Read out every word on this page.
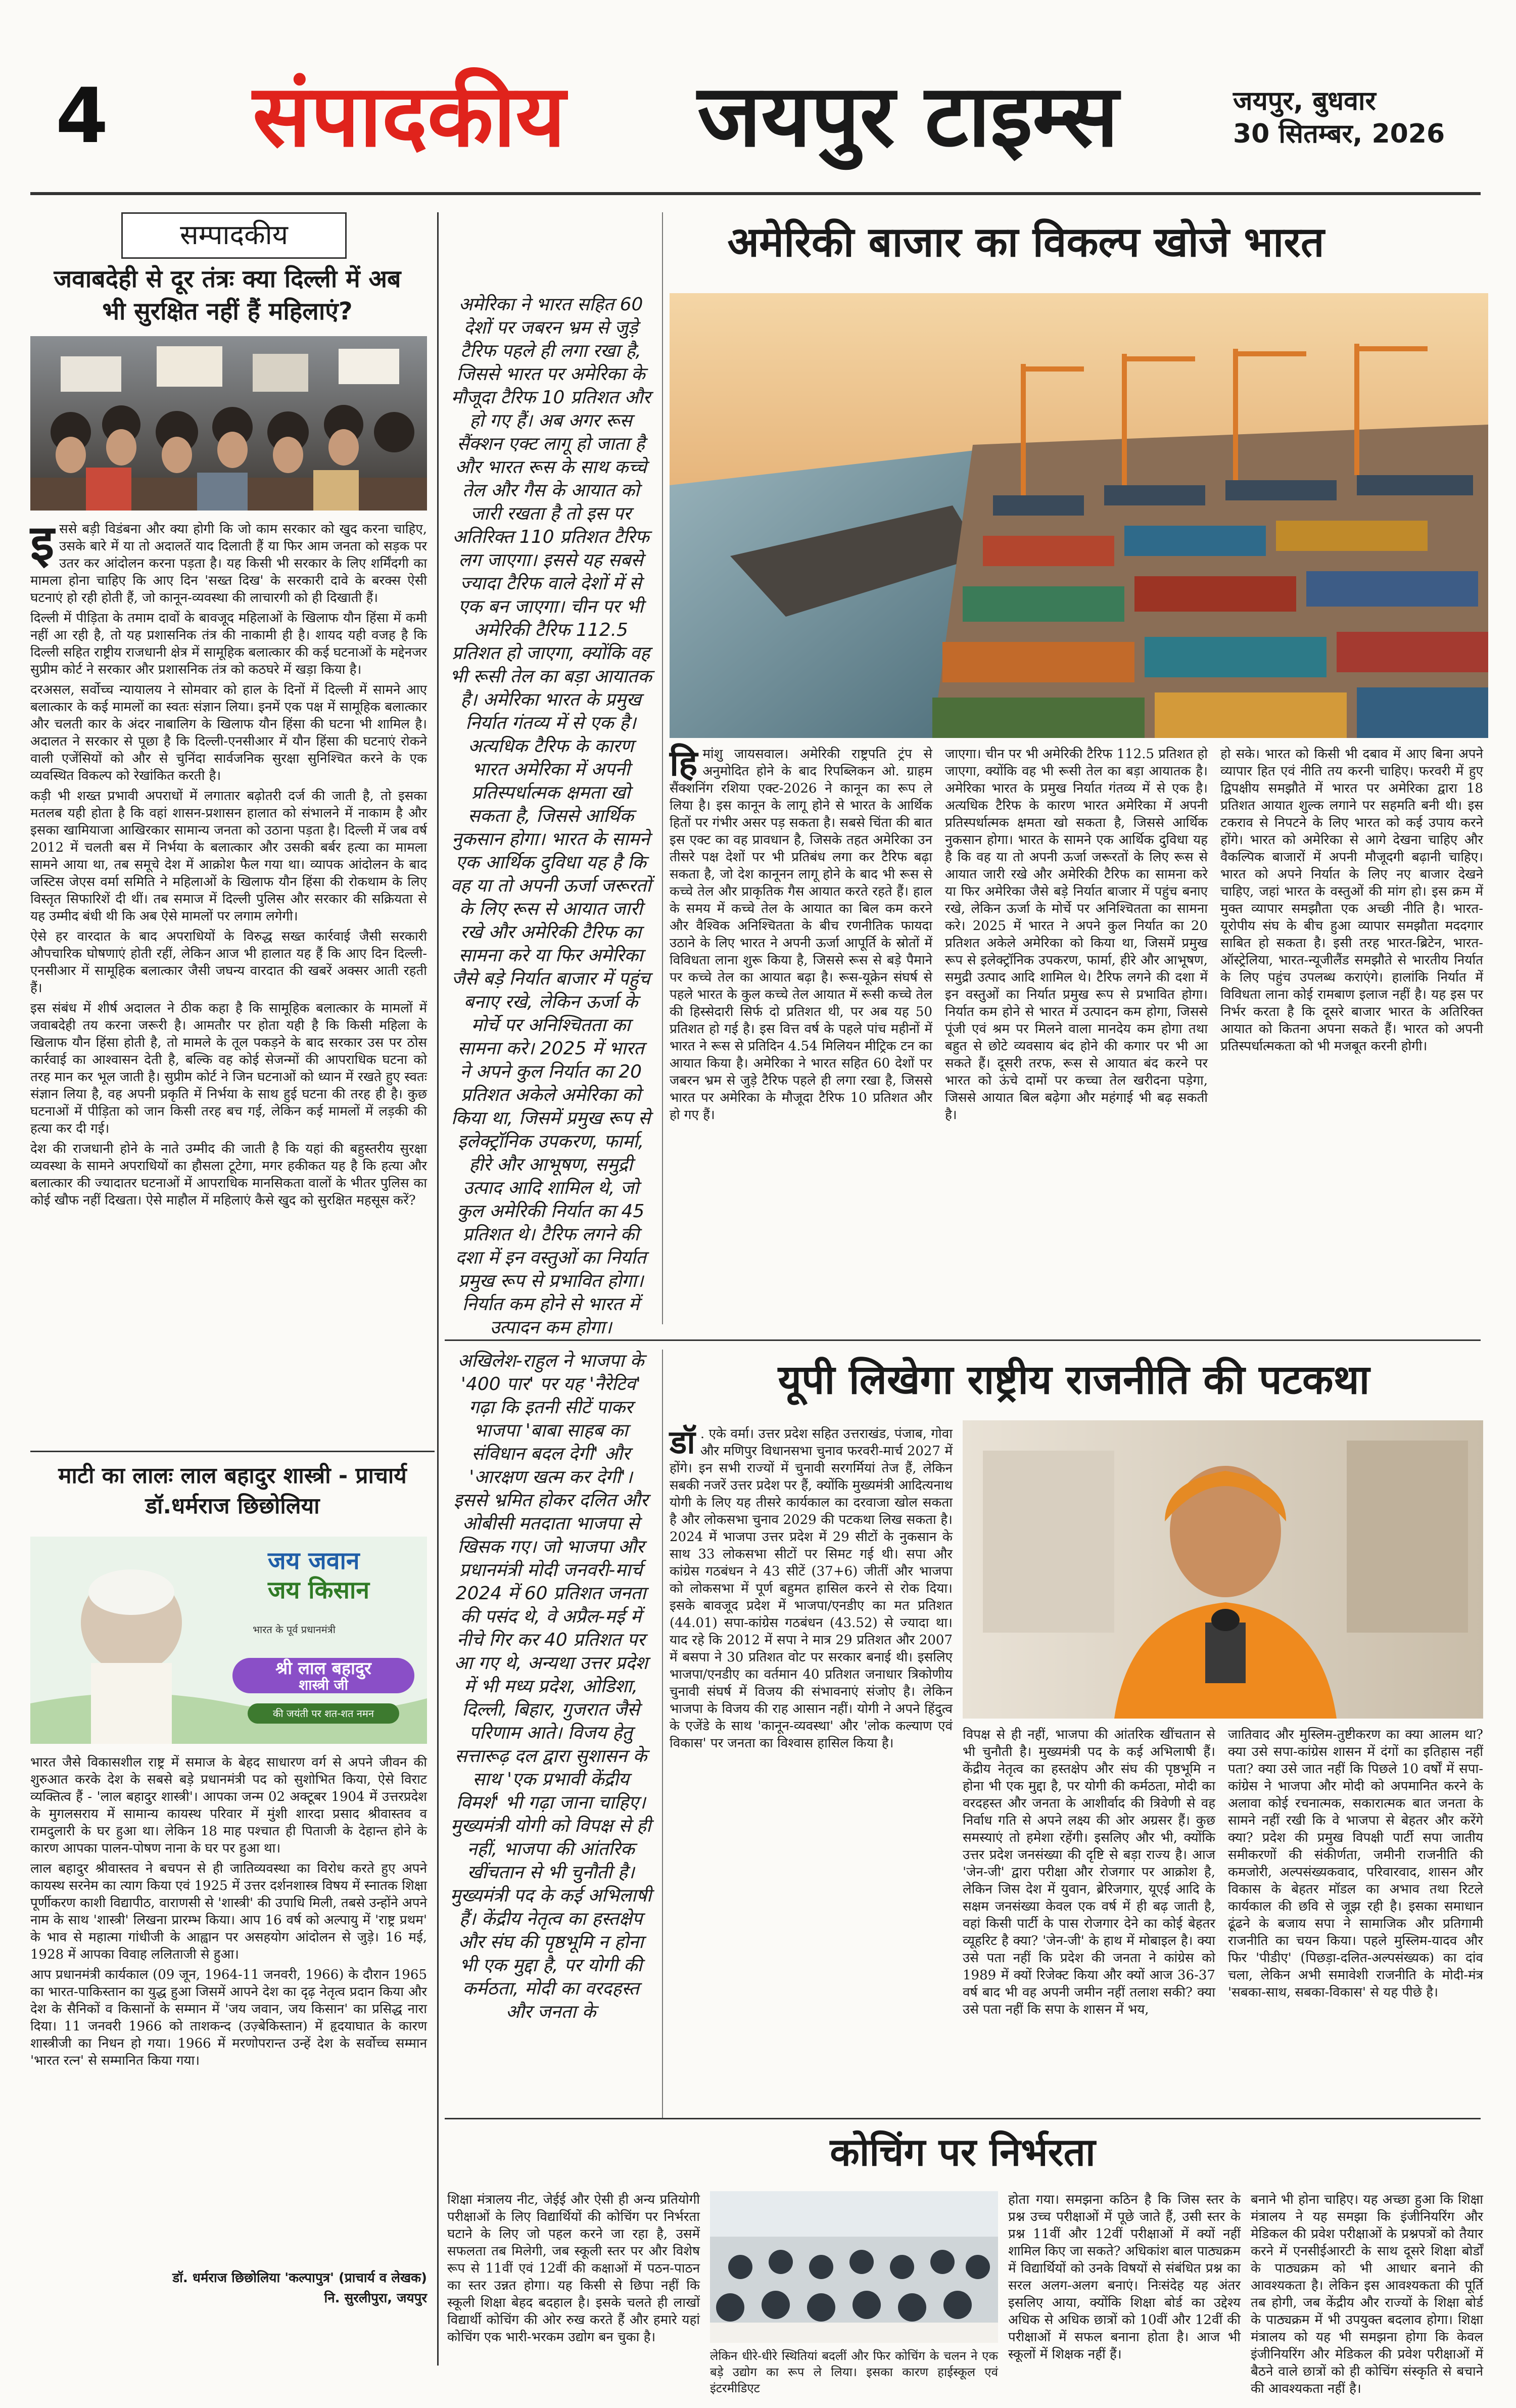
4 संपादकीय जयपुर टाइम्स	जयपुर, बुधवार
30 सितम्बर, 2026
सम्पादकीय
जवाबदेही से दूर तंत्रः क्या दिल्ली में अब भी सुरक्षित नहीं हैं महिलाएं?
इ ससे बड़ी विडंबना और क्या होगी कि जो काम सरकार को खुद करना चाहिए, उसके बारे में या तो अदालतें याद दिलाती हैं या फिर आम जनता को सड़क पर उतर कर आंदोलन करना पड़ता है। यह किसी भी सरकार के लिए शर्मिंदगी का मामला होना चाहिए कि आए दिन 'सख्त दिख' के सरकारी दावे के बरक्स ऐसी घटनाएं हो रही होती हैं, जो कानून-व्यवस्था की लाचारगी को ही दिखाती हैं।

दिल्ली में पीड़िता के तमाम दावों के बावजूद महिलाओं के खिलाफ यौन हिंसा में कमी नहीं आ रही है, तो यह प्रशासनिक तंत्र की नाकामी ही है। शायद यही वजह है कि दिल्ली सहित राष्ट्रीय राजधानी क्षेत्र में सामूहिक बलात्कार की कई घटनाओं के मद्देनजर सुप्रीम कोर्ट ने सरकार और प्रशासनिक तंत्र को कठघरे में खड़ा किया है।

दरअसल, सर्वोच्च न्यायालय ने सोमवार को हाल के दिनों में दिल्ली में सामने आए बलात्कार के कई मामलों का स्वतः संज्ञान लिया। इनमें एक पक्ष में सामूहिक बलात्कार और चलती कार के अंदर नाबालिग के खिलाफ यौन हिंसा की घटना भी शामिल है। अदालत ने सरकार से पूछा है कि दिल्ली-एनसीआर में यौन हिंसा की घटनाएं रोकने वाली एजेंसियों को और से चुनिंदा सार्वजनिक सुरक्षा सुनिश्चित करने के एक व्यवस्थित विकल्प को रेखांकित करती है।

कड़ी भी शख्त प्रभावी अपराधों में लगातार बढ़ोतरी दर्ज की जाती है, तो इसका मतलब यही होता है कि वहां शासन-प्रशासन हालात को संभालने में नाकाम है और इसका खामियाजा आखिरकार सामान्य जनता को उठाना पड़ता है। दिल्ली में जब वर्ष 2012 में चलती बस में निर्भया के बलात्कार और उसकी बर्बर हत्या का मामला सामने आया था, तब समूचे देश में आक्रोश फैल गया था। व्यापक आंदोलन के बाद जस्टिस जेएस वर्मा समिति ने महिलाओं के खिलाफ यौन हिंसा की रोकथाम के लिए विस्तृत सिफारिशें दी थीं। तब समाज में दिल्ली पुलिस और सरकार की सक्रियता से यह उम्मीद बंधी थी कि अब ऐसे मामलों पर लगाम लगेगी।

ऐसे हर वारदात के बाद अपराधियों के विरुद्ध सख्त कार्रवाई जैसी सरकारी औपचारिक घोषणाएं होती रहीं, लेकिन आज भी हालात यह हैं कि आए दिन दिल्ली-एनसीआर में सामूहिक बलात्कार जैसी जघन्य वारदात की खबरें अक्सर आती रहती हैं।

इस संबंध में शीर्ष अदालत ने ठीक कहा है कि सामूहिक बलात्कार के मामलों में जवाबदेही तय करना जरूरी है। आमतौर पर होता यही है कि किसी महिला के खिलाफ यौन हिंसा होती है, तो मामले के तूल पकड़ने के बाद सरकार उस पर ठोस कार्रवाई का आश्वासन देती है, बल्कि वह कोई सेजन्मों की आपराधिक घटना को तरह मान कर भूल जाती है। सुप्रीम कोर्ट ने जिन घटनाओं को ध्यान में रखते हुए स्वतः संज्ञान लिया है, वह अपनी प्रकृति में निर्भया के साथ हुई घटना की तरह ही है। कुछ घटनाओं में पीड़िता को जान किसी तरह बच गई, लेकिन कई मामलों में लड़की की हत्या कर दी गई।

देश की राजधानी होने के नाते उम्मीद की जाती है कि यहां की बहुस्तरीय सुरक्षा व्यवस्था के सामने अपराधियों का हौसला टूटेगा, मगर हकीकत यह है कि हत्या और बलात्कार की ज्यादातर घटनाओं में आपराधिक मानसिकता वालों के भीतर पुलिस का कोई खौफ नहीं दिखता। ऐसे माहौल में महिलाएं कैसे खुद को सुरक्षित महसूस करें?

माटी का लालः लाल बहादुर शास्त्री - प्राचार्य डॉ.धर्मराज छिछोलिया
जय जवान
जय किसान
भारत के पूर्व प्रधानमंत्री
श्री लाल बहादुर
शास्त्री जी
की जयंती पर शत-शत नमन

भारत जैसे विकासशील राष्ट्र में समाज के बेहद साधारण वर्ग से अपने जीवन की शुरुआत करके देश के सबसे बड़े प्रधानमंत्री पद को सुशोभित किया, ऐसे विराट व्यक्तित्व हैं - 'लाल बहादुर शास्त्री'। आपका जन्म 02 अक्टूबर 1904 में उत्तरप्रदेश के मुगलसराय में सामान्य कायस्थ परिवार में मुंशी शारदा प्रसाद श्रीवास्तव व रामदुलारी के घर हुआ था। लेकिन 18 माह पश्चात ही पिताजी के देहान्त होने के कारण आपका पालन-पोषण नाना के घर पर हुआ था।

लाल बहादुर श्रीवास्तव ने बचपन से ही जातिव्यवस्था का विरोध करते हुए अपने कायस्थ सरनेम का त्याग किया एवं 1925 में उत्तर दर्शनशास्त्र विषय में स्नातक शिक्षा पूर्णीकरण काशी विद्यापीठ, वाराणसी से 'शास्त्री' की उपाधि मिली, तबसे उन्होंने अपने नाम के साथ 'शास्त्री' लिखना प्रारम्भ किया। आप 16 वर्ष को अल्पायु में 'राष्ट्र प्रथम' के भाव से महात्मा गांधीजी के आह्वान पर असहयोग आंदोलन से जुड़े। 16 मई, 1928 में आपका विवाह ललिताजी से हुआ।

आप प्रधानमंत्री कार्यकाल (09 जून, 1964-11 जनवरी, 1966) के दौरान 1965 का भारत-पाकिस्तान का युद्ध हुआ जिसमें आपने देश का दृढ़ नेतृत्व प्रदान किया और देश के सैनिकों व किसानों के सम्मान में 'जय जवान, जय किसान' का प्रसिद्ध नारा दिया। 11 जनवरी 1966 को ताशकन्द (उज़्बेकिस्तान) में हृदयाघात के कारण शास्त्रीजी का निधन हो गया। 1966 में मरणोपरान्त उन्हें देश के सर्वोच्च सम्मान 'भारत रत्न' से सम्मानित किया गया।

डॉ. धर्मराज छिछोलिया 'कल्पापुत्र' (प्राचार्य व लेखक)
नि. सुरलीपुरा, जयपुर
अमेरिका ने भारत सहित 60 देशों पर जबरन भ्रम से जुड़े टैरिफ पहले ही लगा रखा है, जिससे भारत पर अमेरिका के मौजूदा टैरिफ 10 प्रतिशत और हो गए हैं। अब अगर रूस सैंक्शन एक्ट लागू हो जाता है और भारत रूस के साथ कच्चे तेल और गैस के आयात को जारी रखता है तो इस पर अतिरिक्त 110 प्रतिशत टैरिफ लग जाएगा। इससे यह सबसे ज्यादा टैरिफ वाले देशों में से एक बन जाएगा। चीन पर भी अमेरिकी टैरिफ 112.5 प्रतिशत हो जाएगा, क्योंकि वह भी रूसी तेल का बड़ा आयातक है। अमेरिका भारत के प्रमुख निर्यात गंतव्य में से एक है। अत्यधिक टैरिफ के कारण भारत अमेरिका में अपनी प्रतिस्पर्धात्मक क्षमता खो सकता है, जिससे आर्थिक नुकसान होगा। भारत के सामने एक आर्थिक दुविधा यह है कि वह या तो अपनी ऊर्जा जरूरतों के लिए रूस से आयात जारी रखे और अमेरिकी टैरिफ का सामना करे या फिर अमेरिका जैसे बड़े निर्यात बाजार में पहुंच बनाए रखे, लेकिन ऊर्जा के मोर्चे पर अनिश्चितता का सामना करे। 2025 में भारत ने अपने कुल निर्यात का 20 प्रतिशत अकेले अमेरिका को किया था, जिसमें प्रमुख रूप से इलेक्ट्रॉनिक उपकरण, फार्मा, हीरे और आभूषण, समुद्री उत्पाद आदि शामिल थे, जो कुल अमेरिकी निर्यात का 45 प्रतिशत थे। टैरिफ लगने की दशा में इन वस्तुओं का निर्यात प्रमुख रूप से प्रभावित होगा। निर्यात कम होने से भारत में उत्पादन कम होगा।
अमेरिकी बाजार का विकल्प खोजे भारत
हि मांशु जायसवाल। अमेरिकी राष्ट्रपति ट्रंप से अनुमोदित होने के बाद रिपब्लिकन ओ. ग्राहम सैंक्शनिंग रशिया एक्ट-2026 ने कानून का रूप ले लिया है। इस कानून के लागू होने से भारत के आर्थिक हितों पर गंभीर असर पड़ सकता है। सबसे चिंता की बात इस एक्ट का वह प्रावधान है, जिसके तहत अमेरिका उन तीसरे पक्ष देशों पर भी प्रतिबंध लगा कर टैरिफ बढ़ा सकता है, जो देश कानूनन लागू होने के बाद भी रूस से कच्चे तेल और प्राकृतिक गैस आयात करते रहते हैं। हाल के समय में कच्चे तेल के आयात का बिल कम करने और वैश्विक अनिश्चितता के बीच रणनीतिक फायदा उठाने के लिए भारत ने अपनी ऊर्जा आपूर्ति के स्रोतों में विविधता लाना शुरू किया है, जिससे रूस से बड़े पैमाने पर कच्चे तेल का आयात बढ़ा है। रूस-यूक्रेन संघर्ष से पहले भारत के कुल कच्चे तेल आयात में रूसी कच्चे तेल की हिस्सेदारी सिर्फ दो प्रतिशत थी, पर अब यह 50 प्रतिशत हो गई है। इस वित्त वर्ष के पहले पांच महीनों में भारत ने रूस से प्रतिदिन 4.54 मिलियन मीट्रिक टन का आयात किया है। अमेरिका ने भारत सहित 60 देशों पर जबरन भ्रम से जुड़े टैरिफ पहले ही लगा रखा है, जिससे भारत पर अमेरिका के मौजूदा टैरिफ 10 प्रतिशत और हो गए हैं।
जाएगा। चीन पर भी अमेरिकी टैरिफ 112.5 प्रतिशत हो जाएगा, क्योंकि वह भी रूसी तेल का बड़ा आयातक है। अमेरिका भारत के प्रमुख निर्यात गंतव्य में से एक है। अत्यधिक टैरिफ के कारण भारत अमेरिका में अपनी प्रतिस्पर्धात्मक क्षमता खो सकता है, जिससे आर्थिक नुकसान होगा। भारत के सामने एक आर्थिक दुविधा यह है कि वह या तो अपनी ऊर्जा जरूरतों के लिए रूस से आयात जारी रखे और अमेरिकी टैरिफ का सामना करे या फिर अमेरिका जैसे बड़े निर्यात बाजार में पहुंच बनाए रखे, लेकिन ऊर्जा के मोर्चे पर अनिश्चितता का सामना करे। 2025 में भारत ने अपने कुल निर्यात का 20 प्रतिशत अकेले अमेरिका को किया था, जिसमें प्रमुख रूप से इलेक्ट्रॉनिक उपकरण, फार्मा, हीरे और आभूषण, समुद्री उत्पाद आदि शामिल थे। टैरिफ लगने की दशा में इन वस्तुओं का निर्यात प्रमुख रूप से प्रभावित होगा। निर्यात कम होने से भारत में उत्पादन कम होगा, जिससे पूंजी एवं श्रम पर मिलने वाला मानदेय कम होगा तथा बहुत से छोटे व्यवसाय बंद होने की कगार पर भी आ सकते हैं। दूसरी तरफ, रूस से आयात बंद करने पर भारत को ऊंचे दामों पर कच्चा तेल खरीदना पड़ेगा, जिससे आयात बिल बढ़ेगा और महंगाई भी बढ़ सकती है।
हो सके। भारत को किसी भी दबाव में आए बिना अपने व्यापार हित एवं नीति तय करनी चाहिए। फरवरी में हुए द्विपक्षीय समझौते में भारत पर अमेरिका द्वारा 18 प्रतिशत आयात शुल्क लगाने पर सहमति बनी थी। इस टकराव से निपटने के लिए भारत को कई उपाय करने होंगे। भारत को अमेरिका से आगे देखना चाहिए और वैकल्पिक बाजारों में अपनी मौजूदगी बढ़ानी चाहिए। भारत को अपने निर्यात के लिए नए बाजार देखने चाहिए, जहां भारत के वस्तुओं की मांग हो। इस क्रम में मुक्त व्यापार समझौता एक अच्छी नीति है। भारत-यूरोपीय संघ के बीच हुआ व्यापार समझौता मददगार साबित हो सकता है। इसी तरह भारत-ब्रिटेन, भारत-ऑस्ट्रेलिया, भारत-न्यूजीलैंड समझौते से भारतीय निर्यात के लिए पहुंच उपलब्ध कराएंगे। हालांकि निर्यात में विविधता लाना कोई रामबाण इलाज नहीं है। यह इस पर निर्भर करता है कि दूसरे बाजार भारत के अतिरिक्त आयात को कितना अपना सकते हैं। भारत को अपनी प्रतिस्पर्धात्मकता को भी मजबूत करनी होगी।
अखिलेश-राहुल ने भाजपा के '400 पार' पर यह 'नैरेटिव' गढ़ा कि इतनी सीटें पाकर भाजपा 'बाबा साहब का संविधान बदल देगी' और 'आरक्षण खत्म कर देगी'। इससे भ्रमित होकर दलित और ओबीसी मतदाता भाजपा से खिसक गए। जो भाजपा और प्रधानमंत्री मोदी जनवरी-मार्च 2024 में 60 प्रतिशत जनता की पसंद थे, वे अप्रैल-मई में नीचे गिर कर 40 प्रतिशत पर आ गए थे, अन्यथा उत्तर प्रदेश में भी मध्य प्रदेश, ओडिशा, दिल्ली, बिहार, गुजरात जैसे परिणाम आते। विजय हेतु सत्तारूढ़ दल द्वारा सुशासन के साथ 'एक प्रभावी केंद्रीय विमर्श' भी गढ़ा जाना चाहिए। मुख्यमंत्री योगी को विपक्ष से ही नहीं, भाजपा की आंतरिक खींचतान से भी चुनौती है। मुख्यमंत्री पद के कई अभिलाषी हैं। केंद्रीय नेतृत्व का हस्तक्षेप और संघ की पृष्ठभूमि न होना भी एक मुद्दा है, पर योगी की कर्मठता, मोदी का वरदहस्त और जनता के
यूपी लिखेगा राष्ट्रीय राजनीति की पटकथा
डॉ . एके वर्मा। उत्तर प्रदेश सहित उत्तराखंड, पंजाब, गोवा और मणिपुर विधानसभा चुनाव फरवरी-मार्च 2027 में होंगे। इन सभी राज्यों में चुनावी सरगर्मियां तेज हैं, लेकिन सबकी नजरें उत्तर प्रदेश पर हैं, क्योंकि मुख्यमंत्री आदित्यनाथ योगी के लिए यह तीसरे कार्यकाल का दरवाजा खोल सकता है और लोकसभा चुनाव 2029 की पटकथा लिख सकता है। 2024 में भाजपा उत्तर प्रदेश में 29 सीटों के नुकसान के साथ 33 लोकसभा सीटों पर सिमट गई थी। सपा और कांग्रेस गठबंधन ने 43 सीटें (37+6) जीतीं और भाजपा को लोकसभा में पूर्ण बहुमत हासिल करने से रोक दिया। इसके बावजूद प्रदेश में भाजपा/एनडीए का मत प्रतिशत (44.01) सपा-कांग्रेस गठबंधन (43.52) से ज्यादा था। याद रहे कि 2012 में सपा ने मात्र 29 प्रतिशत और 2007 में बसपा ने 30 प्रतिशत वोट पर सरकार बनाई थी। इसलिए भाजपा/एनडीए का वर्तमान 40 प्रतिशत जनाधार त्रिकोणीय चुनावी संघर्ष में विजय की संभावनाएं संजोए है। लेकिन भाजपा के विजय की राह आसान नहीं। योगी ने अपने हिंदुत्व के एजेंडे के साथ 'कानून-व्यवस्था' और 'लोक कल्याण एवं विकास' पर जनता का विश्वास हासिल किया है।
विपक्ष से ही नहीं, भाजपा की आंतरिक खींचतान से भी चुनौती है। मुख्यमंत्री पद के कई अभिलाषी हैं। केंद्रीय नेतृत्व का हस्तक्षेप और संघ की पृष्ठभूमि न होना भी एक मुद्दा है, पर योगी की कर्मठता, मोदी का वरदहस्त और जनता के आशीर्वाद की त्रिवेणी से वह निर्वाध गति से अपने लक्ष्य की ओर अग्रसर हैं। कुछ समस्याएं तो हमेशा रहेंगी। इसलिए और भी, क्योंकि उत्तर प्रदेश जनसंख्या की दृष्टि से बड़ा राज्य है। आज 'जेन-जी' द्वारा परीक्षा और रोजगार पर आक्रोश है, लेकिन जिस देश में युवान, ब्रेरिजगार, यूएई आदि के सक्षम जनसंख्या केवल एक वर्ष में ही बढ़ जाती है, वहां किसी पार्टी के पास रोजगार देने का कोई बेहतर व्यूहरिट है क्या? 'जेन-जी' के हाथ में मोबाइल है। क्या उसे पता नहीं कि प्रदेश की जनता ने कांग्रेस को 1989 में क्यों रिजेक्ट किया और क्यों आज 36-37 वर्ष बाद भी वह अपनी जमीन नहीं तलाश सकी? क्या उसे पता नहीं कि सपा के शासन में भय,
जातिवाद और मुस्लिम-तुष्टीकरण का क्या आलम था? क्या उसे सपा-कांग्रेस शासन में दंगों का इतिहास नहीं पता? क्या उसे जात नहीं कि पिछले 10 वर्षों में सपा-कांग्रेस ने भाजपा और मोदी को अपमानित करने के अलावा कोई रचनात्मक, सकारात्मक बात जनता के सामने नहीं रखी कि वे भाजपा से बेहतर और करेंगे क्या? प्रदेश की प्रमुख विपक्षी पार्टी सपा जातीय समीकरणों की संकीर्णता, जमीनी राजनीति की कमजोरी, अल्पसंख्यकवाद, परिवारवाद, शासन और विकास के बेहतर मॉडल का अभाव तथा रिटले कार्यकाल की छवि से जूझ रही है। इसका समाधान ढूंढने के बजाय सपा ने सामाजिक और प्रतिगामी राजनीति का चयन किया। पहले मुस्लिम-यादव और फिर 'पीडीए' (पिछड़ा-दलित-अल्पसंख्यक) का दांव चला, लेकिन अभी समावेशी राजनीति के मोदी-मंत्र 'सबका-साथ, सबका-विकास' से यह पीछे है।
कोचिंग पर निर्भरता
शिक्षा मंत्रालय नीट, जेईई और ऐसी ही अन्य प्रतियोगी परीक्षाओं के लिए विद्यार्थियों की कोचिंग पर निर्भरता घटाने के लिए जो पहल करने जा रहा है, उसमें सफलता तब मिलेगी, जब स्कूली स्तर पर और विशेष रूप से 11वीं एवं 12वीं की कक्षाओं में पठन-पाठन का स्तर उन्नत होगा। यह किसी से छिपा नहीं कि स्कूली शिक्षा बेहद बदहाल है। इसके चलते ही लाखों विद्यार्थी कोचिंग की ओर रुख करते हैं और हमारे यहां कोचिंग एक भारी-भरकम उद्योग बन चुका है।
लेकिन धीरे-धीरे स्थितियां बदलीं और फिर कोचिंग के चलन ने एक बड़े उद्योग का रूप ले लिया। इसका कारण हाईस्कूल एवं इंटरमीडिएट
होता गया। समझना कठिन है कि जिस स्तर के प्रश्न उच्च परीक्षाओं में पूछे जाते हैं, उसी स्तर के प्रश्न 11वीं और 12वीं परीक्षाओं में क्यों नहीं शामिल किए जा सकते? अधिकांश बाल पाठ्यक्रम में विद्यार्थियों को उनके विषयों से संबंधित प्रश्न का सरल अलग-अलग बनाएं। निःसंदेह यह अंतर इसलिए आया, क्योंकि शिक्षा बोर्ड का उद्देश्य अधिक से अधिक छात्रों को 10वीं और 12वीं की परीक्षाओं में सफल बनाना होता है। आज भी स्कूलों में शिक्षक नहीं हैं।
बनाने भी होना चाहिए। यह अच्छा हुआ कि शिक्षा मंत्रालय ने यह समझा कि इंजीनियरिंग और मेडिकल की प्रवेश परीक्षाओं के प्रश्नपत्रों को तैयार करने में एनसीईआरटी के साथ दूसरे शिक्षा बोर्डों के पाठ्यक्रम को भी आधार बनाने की आवश्यकता है। लेकिन इस आवश्यकता की पूर्ति तब होगी, जब केंद्रीय और राज्यों के शिक्षा बोर्ड के पाठ्यक्रम में भी उपयुक्त बदलाव होगा। शिक्षा मंत्रालय को यह भी समझना होगा कि केवल इंजीनियरिंग और मेडिकल की प्रवेश परीक्षाओं में बैठने वाले छात्रों को ही कोचिंग संस्कृति से बचाने की आवश्यकता नहीं है।
